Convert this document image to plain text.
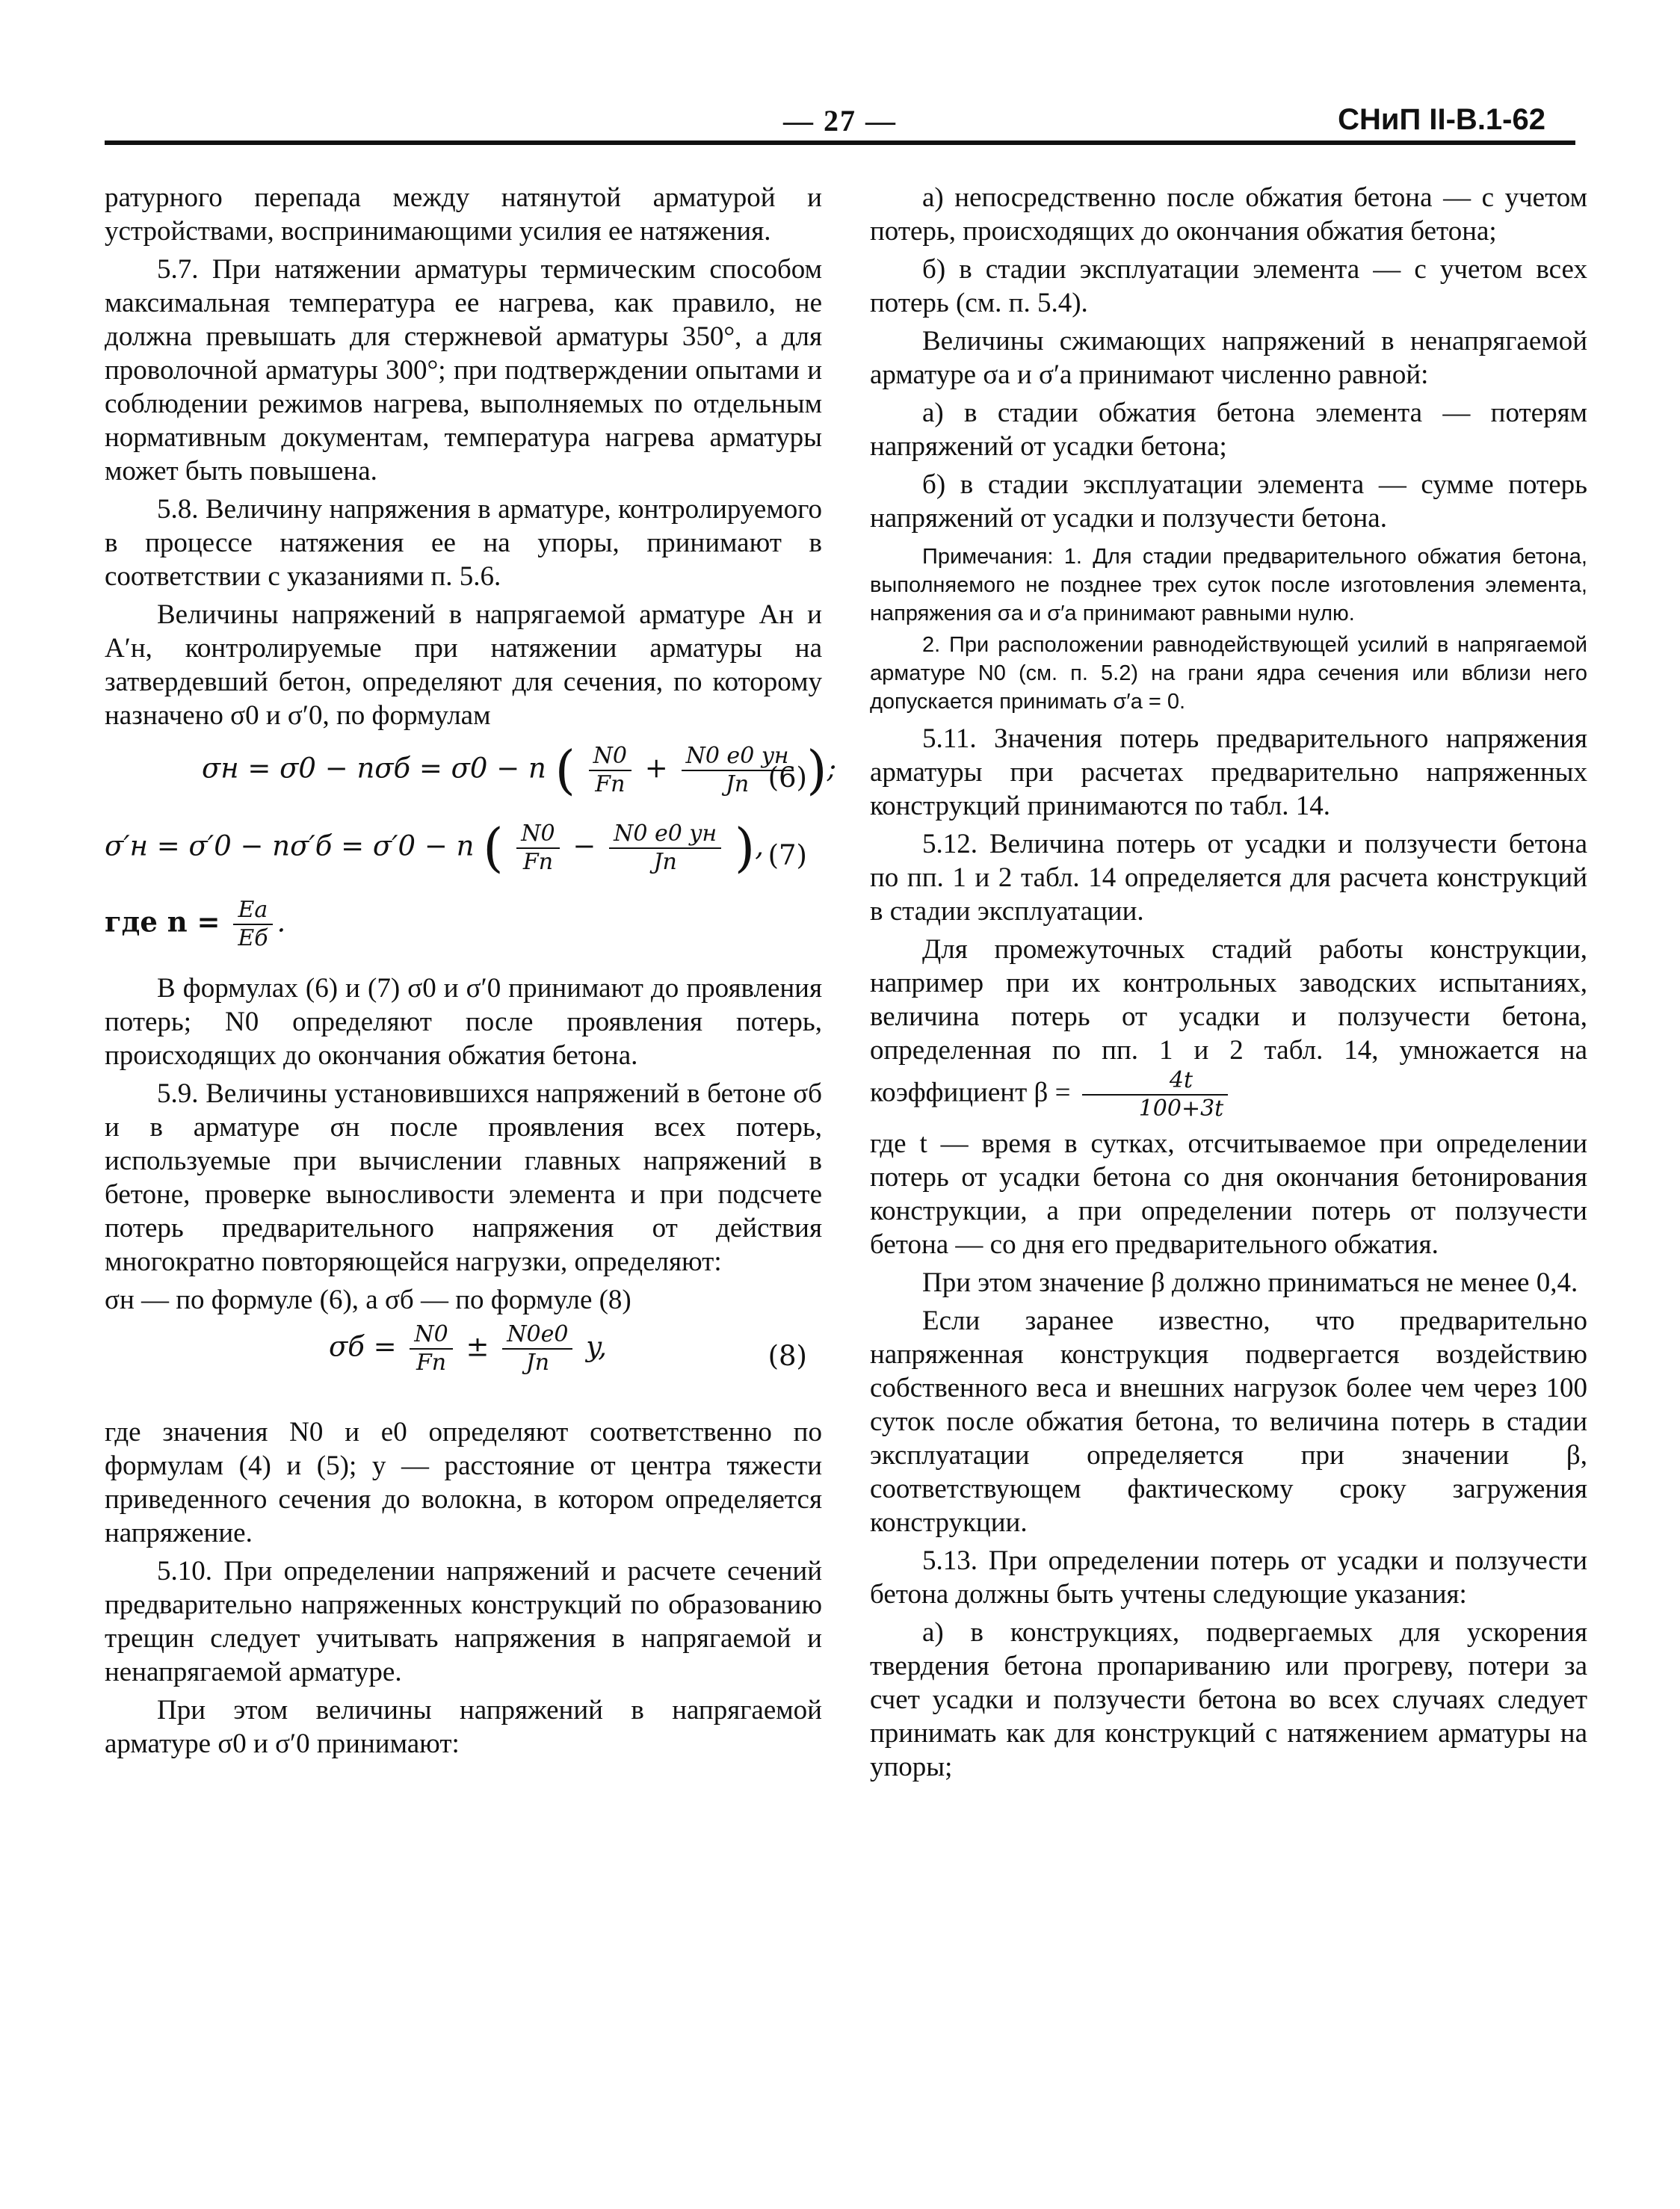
— 27 —	СНиП II-В.1-62

ратурного перепада между натянутой арматурой и устройствами, воспринимающими усилия ее натяжения.

5.7. При натяжении арматуры термическим способом максимальная температура ее нагрева, как правило, не должна превышать для стержневой арматуры 350°, а для проволочной арматуры 300°; при подтверждении опытами и соблюдении режимов нагрева, выполняемых по отдельным нормативным документам, температура нагрева арматуры может быть повышена.

5.8. Величину напряжения в арматуре, контролируемого в процессе натяжения ее на упоры, принимают в соответствии с указаниями п. 5.6.

Величины напряжений в напрягаемой арматуре Aн и A′н, контролируемые при натяжении арматуры на затвердевший бетон, определяют для сечения, по которому назначено σ0 и σ′0, по формулам

σн = σ0 − nσб = σ0 − n ( $\frac{N0}{Fп} + \frac{N0 e0 yн}{Jп}$ );
(6)
σ′н = σ′0 − nσ′б = σ′0 − n ( $\frac{N0}{Fп} - \frac{N0 e0 yн}{Jп}$ ), (7)
где $n = \frac{Eа}{Eб}$ .

В формулах (6) и (7) σ0 и σ′0 принимают до проявления потерь; N0 определяют после проявления потерь, происходящих до окончания обжатия бетона.

5.9. Величины установившихся напряжений в бетоне σб и в арматуре σн после проявления всех потерь, используемые при вычислении главных напряжений в бетоне, проверке выносливости элемента и при подсчете потерь предварительного напряжения от действия многократно повторяющейся нагрузки, определяют:

σн — по формуле (6), а σб — по формуле (8)

$\sigma б = \frac{N0}{Fп} \pm \frac{N0e0}{Jп} y$,	(8)

где значения N0 и e0 определяют соответственно по формулам (4) и (5); y — расстояние от центра тяжести приведенного сечения до волокна, в котором определяется напряжение.

5.10. При определении напряжений и расчете сечений предварительно напряженных конструкций по образованию трещин следует учитывать напряжения в напрягаемой и ненапрягаемой арматуре.

При этом величины напряжений в напрягаемой арматуре σ0 и σ′0 принимают:

а) непосредственно после обжатия бетона — с учетом потерь, происходящих до окончания обжатия бетона;

б) в стадии эксплуатации элемента — с учетом всех потерь (см. п. 5.4).

Величины сжимающих напряжений в ненапрягаемой арматуре σа и σ′а принимают численно равной:

а) в стадии обжатия бетона элемента — потерям напряжений от усадки бетона;

б) в стадии эксплуатации элемента — сумме потерь напряжений от усадки и ползучести бетона.

Примечания: 1. Для стадии предварительного обжатия бетона, выполняемого не позднее трех суток после изготовления элемента, напряжения σа и σ′а принимают равными нулю.

2. При расположении равнодействующей усилий в напрягаемой арматуре N0 (см. п. 5.2) на грани ядра сечения или вблизи него допускается принимать σ′а = 0.

5.11. Значения потерь предварительного напряжения арматуры при расчетах предварительно напряженных конструкций принимаются по табл. 14.

5.12. Величина потерь от усадки и ползучести бетона по пп. 1 и 2 табл. 14 определяется для расчета конструкций в стадии эксплуатации.

Для промежуточных стадий работы конструкции, например при их контрольных заводских испытаниях, величина потерь от усадки и ползучести бетона, определенная по пп. 1 и 2 табл. 14, умножается на коэффициент $\beta = \frac{4t}{100+3t}$

где t — время в сутках, отсчитываемое при определении потерь от усадки бетона со дня окончания бетонирования конструкции, а при определении потерь от ползучести бетона — со дня его предварительного обжатия.

При этом значение β должно приниматься не менее 0,4.

Если заранее известно, что предварительно напряженная конструкция подвергается воздействию собственного веса и внешних нагрузок более чем через 100 суток после обжатия бетона, то величина потерь в стадии эксплуатации определяется при значении β, соответствующем фактическому сроку загружения конструкции.

5.13. При определении потерь от усадки и ползучести бетона должны быть учтены следующие указания:

а) в конструкциях, подвергаемых для ускорения твердения бетона пропариванию или прогреву, потери за счет усадки и ползучести бетона во всех случаях следует принимать как для конструкций с натяжением арматуры на упоры;
